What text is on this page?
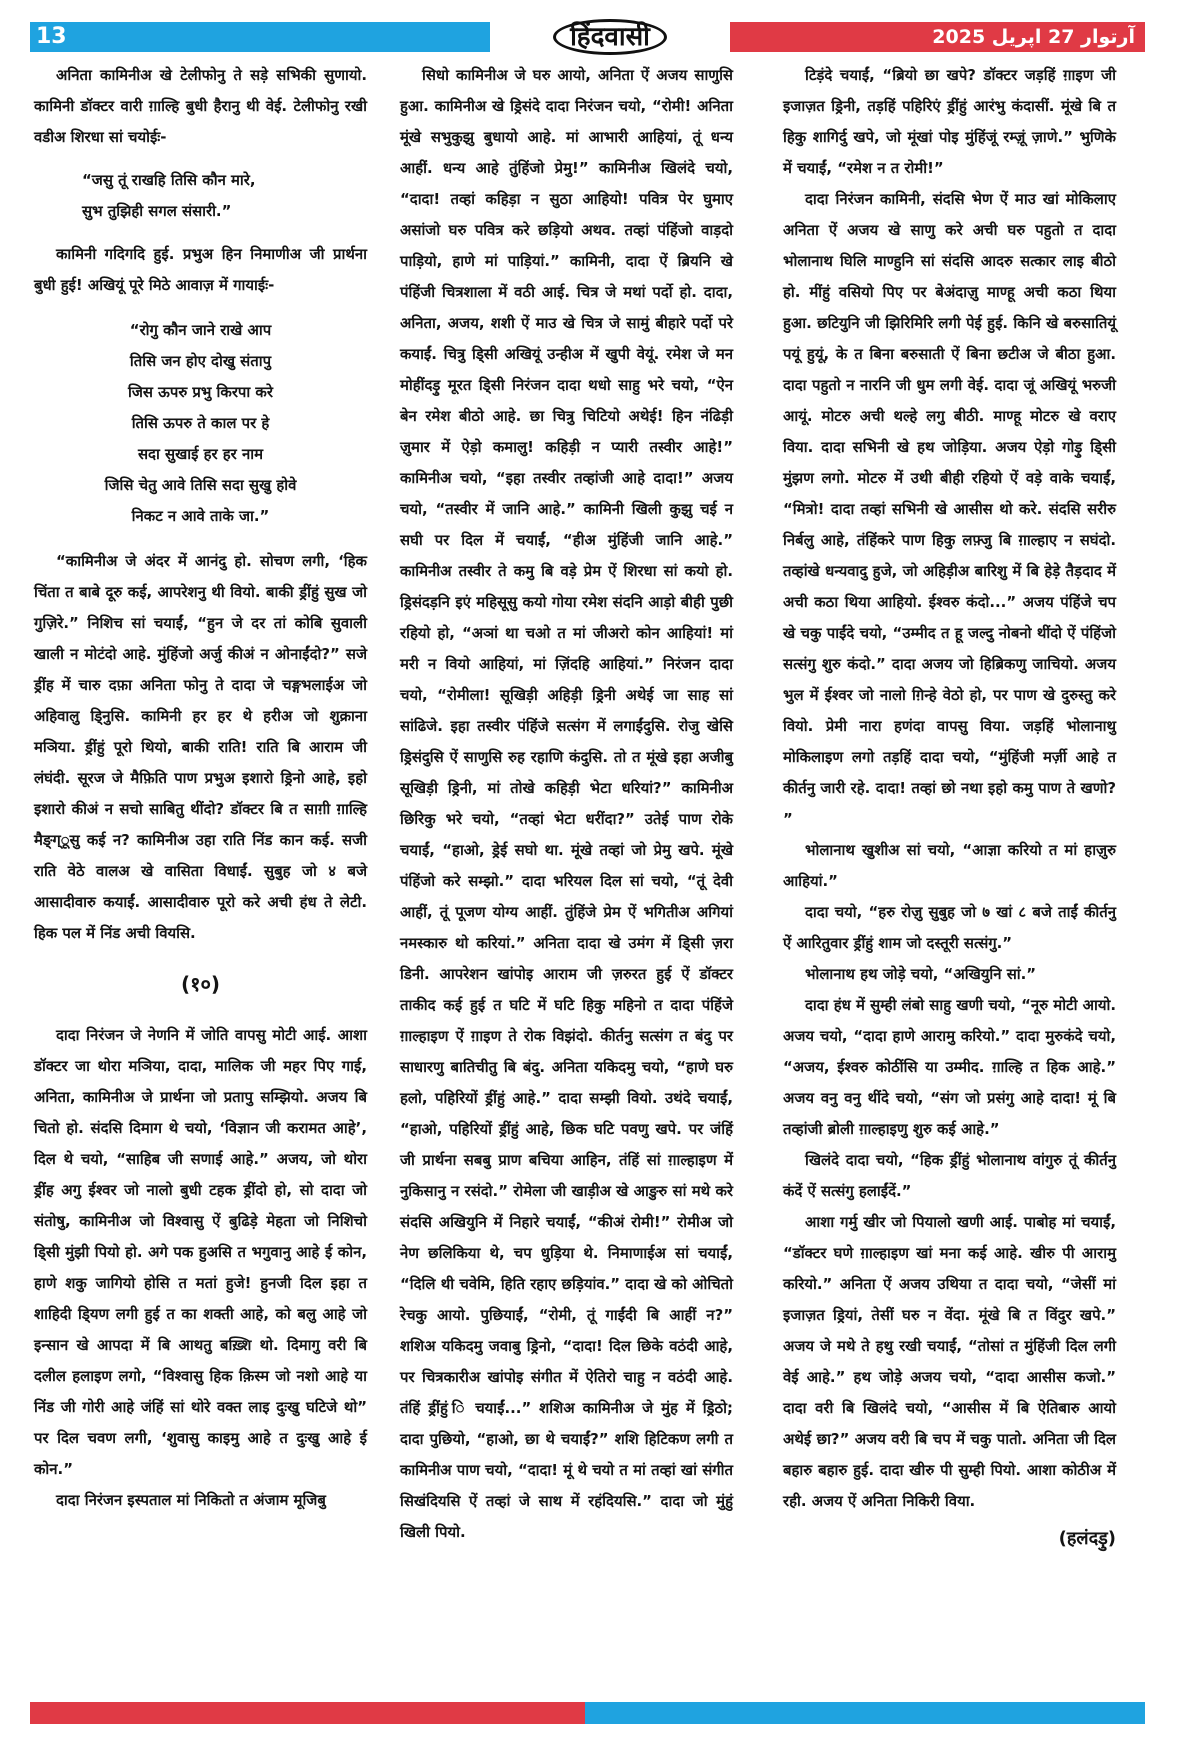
13	हिंदवासी	آرتوار 27 اپريل 2025

अनिता कामिनीअ खे टेलीफोनु ते सड़े सभिकी सुणायो. कामिनी डॉक्टर वारी ग़ाल्हि बुधी हैरानु थी वेई. टेलीफोनु रखी वडीअ शिरधा सां चयोईः-

“जसु तूं राखहि तिसि कौन मारे,
सुभ तुझिही सगल संसारी.”

कामिनी गदिगदि हुई. प्रभुअ हिन निमाणीअ जी प्रार्थना बुधी हुई! अखियूं पूरे मिठे आवाज़ में गायाईः-

“रोगु कौन जाने राखे आप
तिसि जन होए दोखु संतापु
जिस ऊपरु प्रभु किरपा करे
तिसि ऊपरु ते काल पर हे
सदा सुखाई हर हर नाम
जिसि चेतु आवे तिसि सदा सुखु होवे
निकट न आवे ताके जा.”

“कामिनीअ जे अंदर में आनंदु हो. सोचण लगी, ‘हिक चिंता त बाबे दूरु कई, आपरेशनु थी वियो. बाकी ड्रींहुं सुख जो गुज़िरे.” निशिच सां चयाईं, “हुन जे दर तां कोबि सुवाली खाली न मोटंदो आहे. मुंहिंजो अर्जु कीअं न ओनाईंदो?” सजे ड्रींह में चारु दफ़ा अनिता फोनु ते दादा जे चङ्गभलाईअ जो अहिवालु डि्नुसि. कामिनी हर हर थे हरीअ जो शुक्राना मञिया. ड्रींहुं पूरो थियो, बाकी राति! राति बि आराम जी लंघंदी. सूरज जे मैफ़िति पाण प्रभुअ इशारो ड्रिनो आहे, इहो इशारो कीअं न सचो साबितु थींदो? डॉक्टर बि त साग़ी ग़ाल्हि मैङ्ग्ूसु कई न? कामिनीअ उहा राति निंड कान कई. सजी राति वेठे वालअ खे वासिता विधाईं. सुबुह जो ४ बजे आसादीवारु कयाईं. आसादीवारु पूरो करे अची हंध ते लेटी. हिक पल में निंड अची वियसि.

(१०)

दादा निरंजन जे नेणनि में जोति वापसु मोटी आई. आशा डॉक्टर जा थोरा मञिया, दादा, मालिक जी महर पिए गाई, अनिता, कामिनीअ जे प्रार्थना जो प्रतापु सम्झियो. अजय बि चितो हो. संदसि दिमाग थे चयो, ‘विज्ञान जी करामत आहे’, दिल थे चयो, “साहिब जी सणाई आहे.” अजय, जो थोरा ड्रींह अगु ईश्वर जो नालो बुधी टहक ड्रींदो हो, सो दादा जो संतोषु, कामिनीअ जो विश्वासु ऐं बुढिड़े मेहता जो निशिचो डि्सी मुंझी पियो हो. अगे पक हुअसि त भगुवानु आहे ई कोन, हाणे शकु जागियो होसि त मतां हुजे! हुनजी दिल इहा त शाहिदी डि्यण लगी हुई त का शक्ती आहे, को बलु आहे जो इन्सान खे आपदा में बि आथतु बख़्शि थो. दिमागु वरी बि दलील हलाइण लगो, “विश्वासु हिक क़िस्म जो नशो आहे या निंड जी गोरी आहे जंहिं सां थोरे वक्त लाइ दुःखु घटिजे थो” पर दिल चवण लगी, ‘शुवासु काइमु आहे त दुःखु आहे ई कोन.”

दादा निरंजन इस्पताल मां निकितो त अंजाम मूजिबु

सिधो कामिनीअ जे घरु आयो, अनिता ऐं अजय साणुसि हुआ. कामिनीअ खे ड्रिसंदे दादा निरंजन चयो, “रोमी! अनिता मूंखे सभुकुझु बुधायो आहे. मां आभारी आहियां, तूं धन्य आहीं. धन्य आहे तुंहिंजो प्रेमु!” कामिनीअ खिलंदे चयो, “दादा! तव्हां कहिड़ा न सुठा आहियो! पवित्र पेर घुमाए असांजो घरु पवित्र करे छड़ियो अथव. तव्हां पंहिंजो वाड़दो पाड़ियो, हाणे मां पाड़ियां.” कामिनी, दादा ऐं ब्रियनि खे पंहिंजी चित्रशाला में वठी आई. चित्र जे मथां पर्दो हो. दादा, अनिता, अजय, शशी ऐं माउ खे चित्र जे सामुं बीहारे पर्दो परे कयाईं. चित्रु डि्सी अखियूं उन्हीअ में खुपी वेयूं. रमेश जे मन मोहींदड़ु मूरत डि्सी निरंजन दादा थधो साहु भरे चयो, “ऐन बेन रमेश बीठो आहे. छा चित्रु चिटियो अथेई! हिन नंढिड़ी ज़ुमार में ऐड़ो कमालु! कहिड़ी न प्यारी तस्वीर आहे!” कामिनीअ चयो, “इहा तस्वीर तव्हांजी आहे दादा!” अजय चयो, “तस्वीर में जानि आहे.” कामिनी खिली कुझु चई न सघी पर दिल में चयाईं, “हीअ मुंहिंजी जानि आहे.” कामिनीअ तस्वीर ते कमु बि वड़े प्रेम ऐं शिरधा सां कयो हो. ड्रिसंदड़नि इएं महिसूसु कयो गोया रमेश संदनि आड़ो बीही पुछी रहियो हो, “अञां था चओ त मां जीअरो कोन आहियां! मां मरी न वियो आहियां, मां ज़िंदहि आहियां.” निरंजन दादा चयो, “रोमीला! सूखिड़ी अहिड़ी ड्रिनी अथेई जा साह सां सांढिजे. इहा तस्वीर पंहिंजे सत्संग में लगाईंदुसि. रोजु खेसि ड्रिसंदुसि ऐं साणुसि रुह रहाणि कंदुसि. तो त मूंखे इहा अजीबु सूखिड़ी ड्रिनी, मां तोखे कहिड़ी भेटा धरियां?” कामिनीअ छिरिकु भरे चयो, “तव्हां भेटा धरींदा?” उतेई पाण रोके चयाईं, “हाओ, ड्रेई सघो था. मूंखे तव्हां जो प्रेमु खपे. मूंखे पंहिंजो करे सम्झो.” दादा भरियल दिल सां चयो, “तूं देवी आहीं, तूं पूजण योग्य आहीं. तुंहिंजे प्रेम ऐं भगितीअ अगियां नमस्कारु थो करियां.” अनिता दादा खे उमंग में डि्सी ज़रा डिनी. आपरेशन खांपोइ आराम जी ज़रुरत हुई ऐं डॉक्टर ताकीद कई हुई त घटि में घटि हिकु महिनो त दादा पंहिंजे ग़ाल्हाइण ऐं ग़ाइण ते रोक विझंदो. कीर्तनु सत्संग त बंदु पर साधारणु बातिचीतु बि बंदु. अनिता यकिदमु चयो, “हाणे घरु हलो, पहिरियों ड्रींहुं आहे.” दादा सम्झी वियो. उथंदे चयाईं, “हाओ, पहिरियों ड्रींहुं आहे, छिक घटि पवणु खपे. पर जंहिं जी प्रार्थना सबबु प्राण बचिया आहिन, तंहिं सां ग़ाल्हाइण में नुकिसानु न रसंदो.” रोमेला जी खाड़ीअ खे आङुरु सां मथे करे संदसि अखियुनि में निहारे चयाईं, “कीअं रोमी!” रोमीअ जो नेण छलिकिया थे, चप धुड़िया थे. निमाणाईअ सां चयाईं, “दिलि थी चवेमि, हिति रहाए छड़ियांव.” दादा खे को ओचितो रेचकु आयो. पुछियाईं, “रोमी, तूं गाईंदी बि आहीं न?” शशिअ यकिदमु जवाबु ड्रिनो, “दादा! दिल छिके वठंदी आहे, पर चित्रकारीअ खांपोइ संगीत में ऐतिरो चाहु न वठंदी आहे. तंहिं ड्रींहुं ि चयाईं...” शशिअ कामिनीअ जे मुंह में ड्रिठो; दादा पुछियो, “हाओ, छा थे चयाईं?” शशि हिटिकण लगी त कामिनीअ पाण चयो, “दादा! मूं थे चयो त मां तव्हां खां संगीत सिखंदियसि ऐं तव्हां जे साथ में रहंदियसि.” दादा जो मुंहुं खिली पियो.

टिड़ंदे चयाईं, “ब्रियो छा खपे? डॉक्टर जड़हिं ग़ाइण जी इजाज़त ड्रिनी, तड़हिं पहिरिएं ड्रींहुं आरंभु कंदासीं. मूंखे बि त हिकु शागिर्दु खपे, जो मूंखां पोइ मुंहिंजूं रम्ज़ूं ज़ाणे.” भुणिके में चयाईं, “रमेश न त रोमी!”

दादा निरंजन कामिनी, संदसि भेण ऐं माउ खां मोकिलाए अनिता ऐं अजय खे साणु करे अची घरु पहुतो त दादा भोलानाथ घिलि माण्हुनि सां संदसि आदरु सत्कार लाइ बीठो हो. मींहुं वसियो पिए पर बेअंदाज़ु माण्हू अची कठा थिया हुआ. छटियुनि जी झिरिमिरि लगी पेई हुई. किनि खे बरुसातियूं पयूं हुयूं, के त बिना बरुसाती ऐं बिना छटीअ जे बीठा हुआ. दादा पहुतो न नारनि जी धुम लगी वेई. दादा जूं अखियूं भरुजी आयूं. मोटरु अची थल्हे लगु बीठी. माण्हू मोटरु खे वराए विया. दादा सभिनी खे हथ जोड़िया. अजय ऐड़ो गोड़ु डि्सी मुंझण लगो. मोटरु में उथी बीही रहियो ऐं वड़े वाके चयाईं, “मित्रो! दादा तव्हां सभिनी खे आसीस थो करे. संदसि सरीरु निर्बलु आहे, तंहिंकरे पाण हिकु लफ़्जु बि ग़ाल्हाए न सघंदो. तव्हांखे धन्यवादु हुजे, जो अहिड़ीअ बारिशु में बि हेड़े तैड़दाद में अची कठा थिया आहियो. ईश्वरु कंदो...” अजय पंहिंजे चप खे चकु पाईंदे चयो, “उम्मीद त हू जल्दु नोबनो थींदो ऐं पंहिंजो सत्संगु शुरु कंदो.” दादा अजय जो हिब्रिकणु जाचियो. अजय भुल में ईश्वर जो नालो ग़िन्हे वेठो हो, पर पाण खे दुरुस्तु करे वियो. प्रेमी नारा हणंदा वापसु विया. जड़हिं भोलानाथु मोकिलाइण लगो तड़हिं दादा चयो, “मुंहिंजी मर्ज़ी आहे त कीर्तनु जारी रहे. दादा! तव्हां छो नथा इहो कमु पाण ते खणो? ”

भोलानाथ खुशीअ सां चयो, “आज्ञा करियो त मां हाज़ुरु आहियां.”

दादा चयो, “हरु रोज़ु सुबुह जो ७ खां ८ बजे ताईं कीर्तनु ऐं आरितुवार ड्रींहुं शाम जो दस्तूरी सत्संगु.”

भोलानाथ हथ जोड़े चयो, “अखियुनि सां.”

दादा हंध में सुम्ही लंबो साहु खणी चयो, “नूरु मोटी आयो. अजय चयो, “दादा हाणे आरामु करियो.” दादा मुरुकंदे चयो, “अजय, ईश्वरु कोठींसि या उम्मीद. ग़ाल्हि त हिक आहे.” अजय वनु वनु थींदे चयो, “संग जो प्रसंगु आहे दादा! मूं बि तव्हांजी ब्रोली ग़ाल्हाइणु शुरु कई आहे.”

खिलंदे दादा चयो, “हिक ड्रींहुं भोलानाथ वांगुरु तूं कीर्तनु कंदें ऐं सत्संगु हलाईंदें.”

आशा गर्मु खीर जो पियालो खणी आई. पाबोह मां चयाईं, “डॉक्टर घणे ग़ाल्हाइण खां मना कई आहे. खीरु पी आरामु करियो.” अनिता ऐं अजय उथिया त दादा चयो, “जेसीं मां इजाज़त ड्रियां, तेसीं घरु न वेंदा. मूंखे बि त विंदुर खपे.” अजय जे मथे ते हथु रखी चयाईं, “तोसां त मुंहिंजी दिल लगी वेई आहे.” हथ जोड़े अजय चयो, “दादा आसीस कजो.” दादा वरी बि खिलंदे चयो, “आसीस में बि ऐतिबारु आयो अथेई छा?” अजय वरी बि चप में चकु पातो. अनिता जी दिल बहारु बहारु हुई. दादा खीरु पी सुम्ही पियो. आशा कोठीअ में रही. अजय ऐं अनिता निकिरी विया.

(हलंदड़ु)
